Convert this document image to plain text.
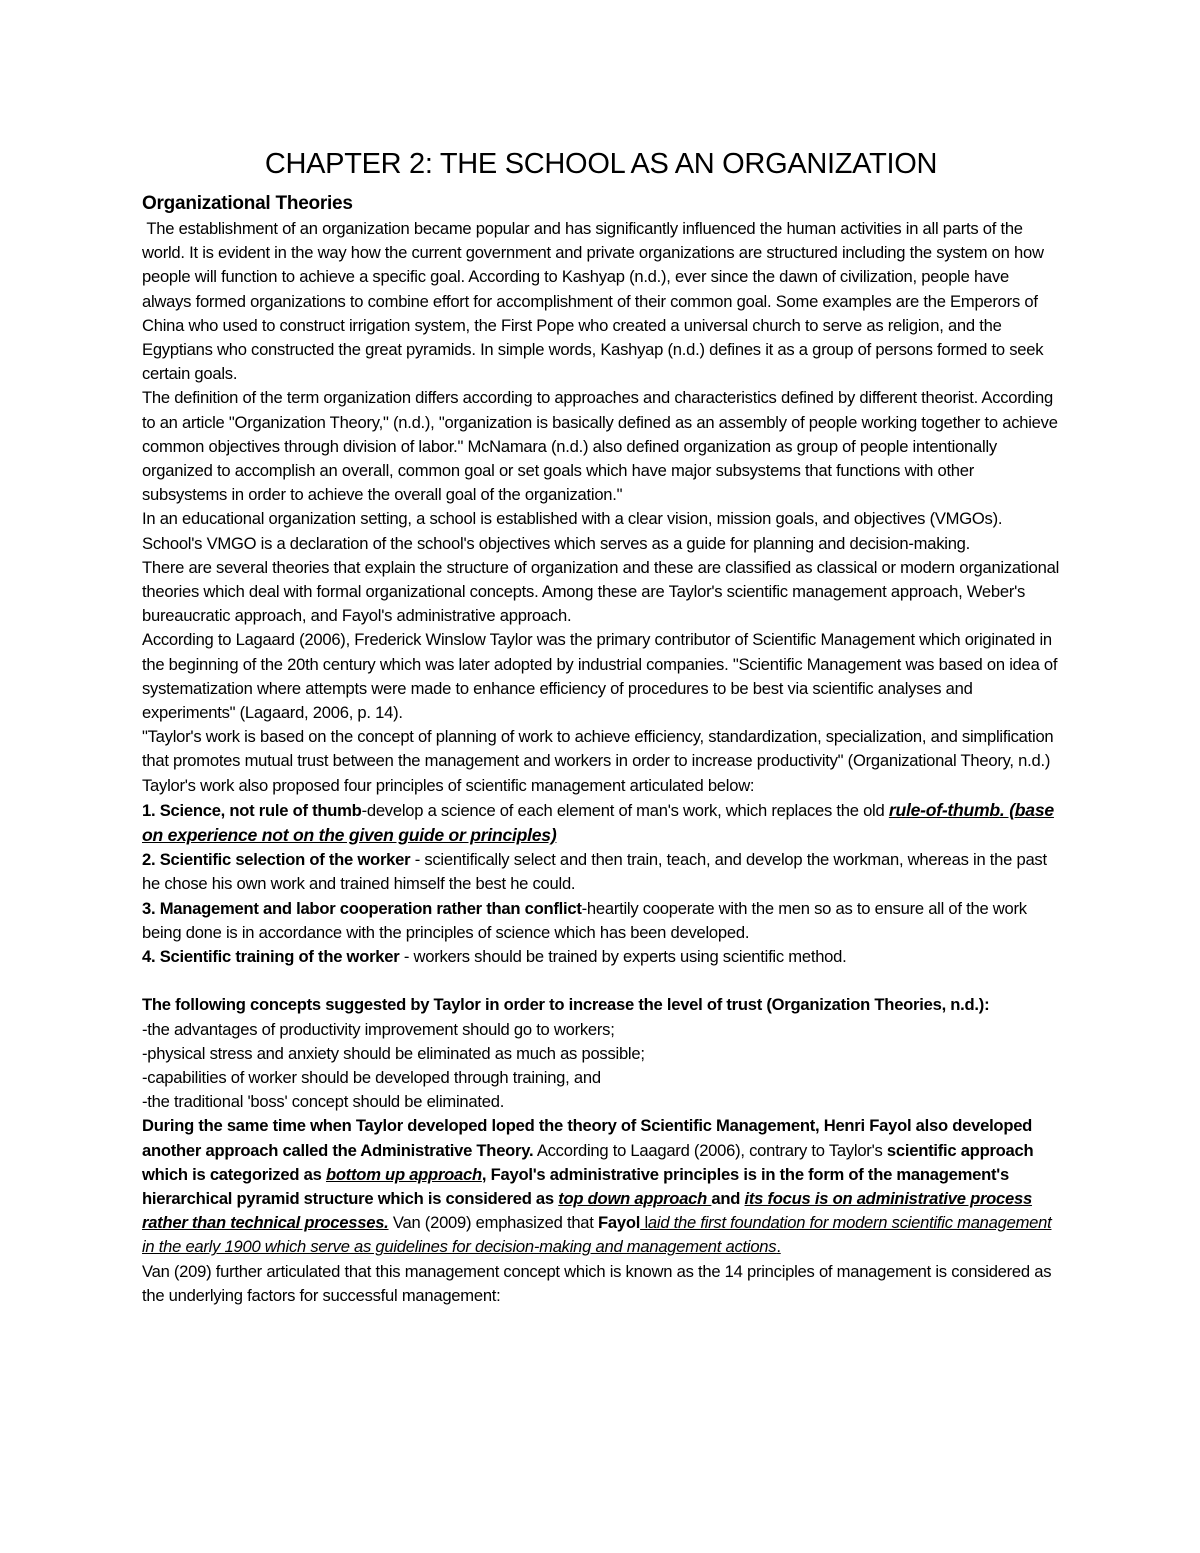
CHAPTER 2: THE SCHOOL AS AN ORGANIZATION
Organizational Theories

The establishment of an organization became popular and has significantly influenced the human activities in all parts of the world. It is evident in the way how the current government and private organizations are structured including the system on how people will function to achieve a specific goal. According to Kashyap (n.d.), ever since the dawn of civilization, people have always formed organizations to combine effort for accomplishment of their common goal. Some examples are the Emperors of China who used to construct irrigation system, the First Pope who created a universal church to serve as religion, and the Egyptians who constructed the great pyramids. In simple words, Kashyap (n.d.) defines it as a group of persons formed to seek certain goals.

The definition of the term organization differs according to approaches and characteristics defined by different theorist. According to an article "Organization Theory," (n.d.), "organization is basically defined as an assembly of people working together to achieve common objectives through division of labor." McNamara (n.d.) also defined organization as group of people intentionally organized to accomplish an overall, common goal or set goals which have major subsystems that functions with other subsystems in order to achieve the overall goal of the organization."

In an educational organization setting, a school is established with a clear vision, mission goals, and objectives (VMGOs). School's VMGO is a declaration of the school's objectives which serves as a guide for planning and decision-making.

There are several theories that explain the structure of organization and these are classified as classical or modern organizational theories which deal with formal organizational concepts. Among these are Taylor's scientific management approach, Weber's bureaucratic approach, and Fayol's administrative approach.

According to Lagaard (2006), Frederick Winslow Taylor was the primary contributor of Scientific Management which originated in the beginning of the 20th century which was later adopted by industrial companies. "Scientific Management was based on idea of systematization where attempts were made to enhance efficiency of procedures to be best via scientific analyses and experiments" (Lagaard, 2006, p. 14).

"Taylor's work is based on the concept of planning of work to achieve efficiency, standardization, specialization, and simplification that promotes mutual trust between the management and workers in order to increase productivity" (Organizational Theory, n.d.) Taylor's work also proposed four principles of scientific management articulated below:

1. Science, not rule of thumb-develop a science of each element of man's work, which replaces the old rule-of-thumb. (base on experience not on the given guide or principles)

2. Scientific selection of the worker - scientifically select and then train, teach, and develop the workman, whereas in the past he chose his own work and trained himself the best he could.

3. Management and labor cooperation rather than conflict-heartily cooperate with the men so as to ensure all of the work being done is in accordance with the principles of science which has been developed.

4. Scientific training of the worker - workers should be trained by experts using scientific method.

The following concepts suggested by Taylor in order to increase the level of trust (Organization Theories, n.d.):

-the advantages of productivity improvement should go to workers;

-physical stress and anxiety should be eliminated as much as possible;

-capabilities of worker should be developed through training, and

-the traditional 'boss' concept should be eliminated.

During the same time when Taylor developed loped the theory of Scientific Management, Henri Fayol also developed another approach called the Administrative Theory. According to Laagard (2006), contrary to Taylor's scientific approach which is categorized as bottom up approach, Fayol's administrative principles is in the form of the management's hierarchical pyramid structure which is considered as top down approach and its focus is on administrative process rather than technical processes. Van (2009) emphasized that Fayol laid the first foundation for modern scientific management in the early 1900 which serve as guidelines for decision-making and management actions.

Van (209) further articulated that this management concept which is known as the 14 principles of management is considered as the underlying factors for successful management:
